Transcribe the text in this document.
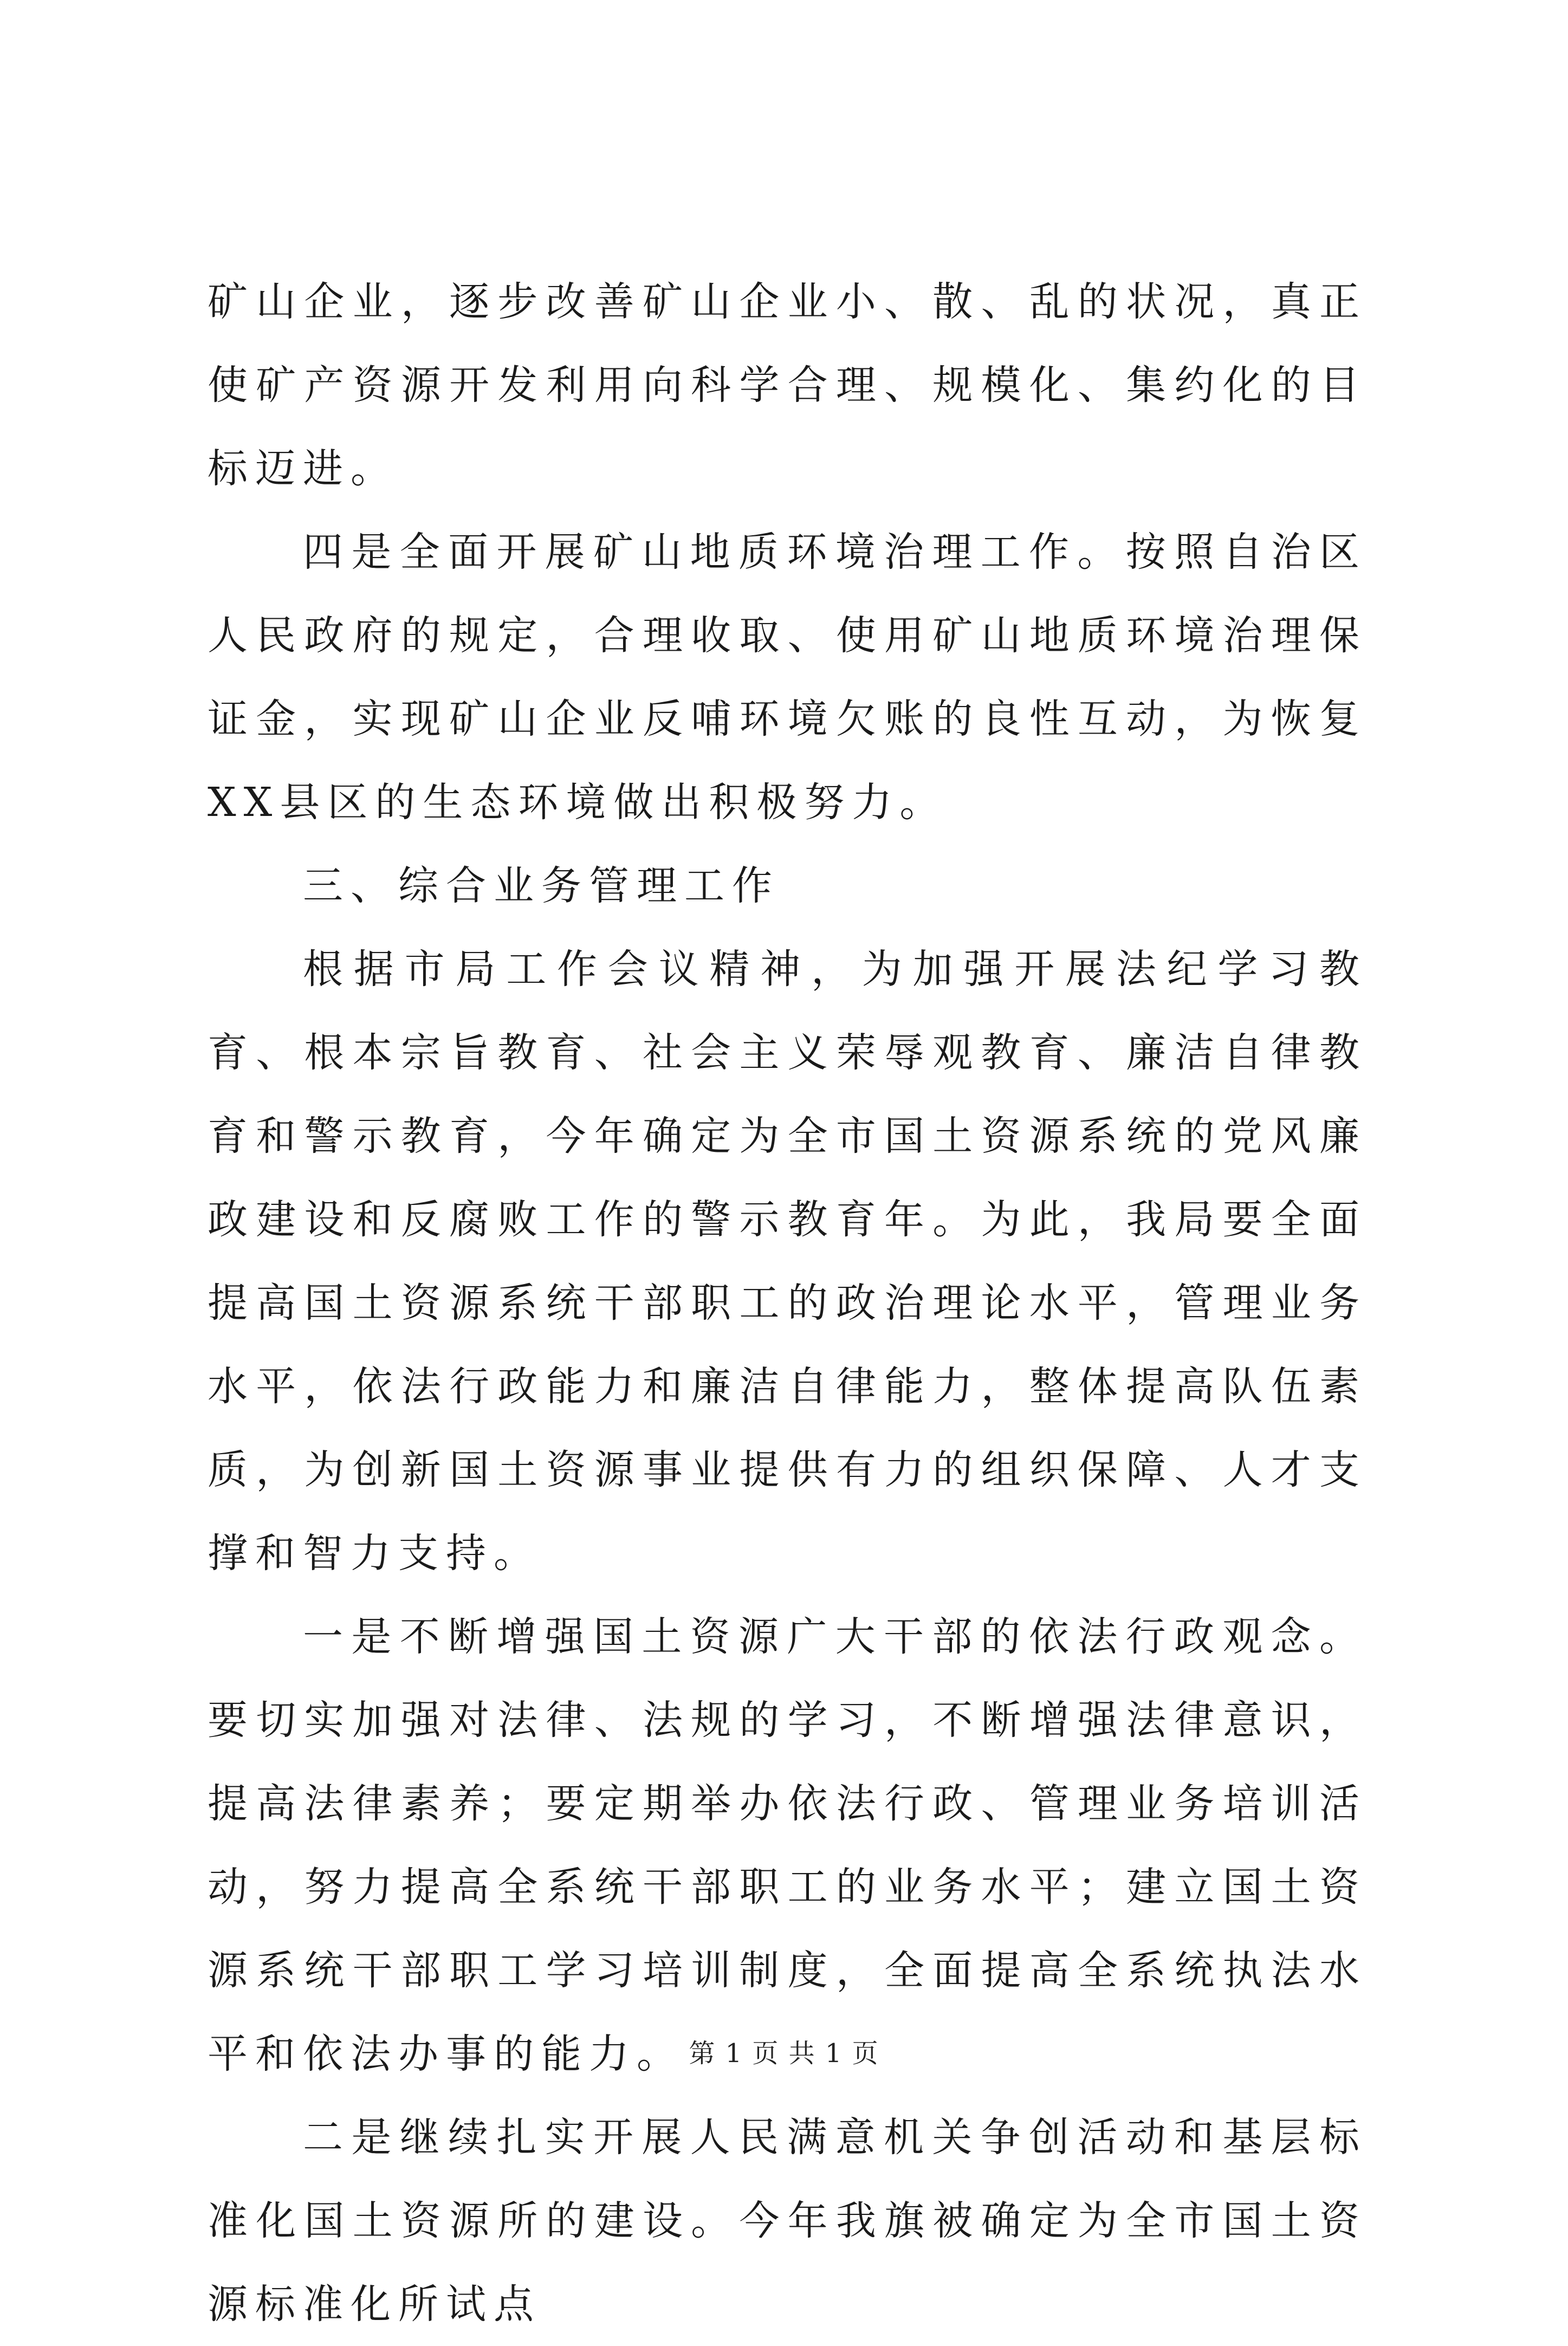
矿山企业，逐步改善矿山企业小、散、乱的状况，真正使矿产资源开发利用向科学合理、规模化、集约化的目标迈进。

四是全面开展矿山地质环境治理工作。按照自治区人民政府的规定，合理收取、使用矿山地质环境治理保证金，实现矿山企业反哺环境欠账的良性互动，为恢复XX县区的生态环境做出积极努力。

三、综合业务管理工作

根据市局工作会议精神，为加强开展法纪学习教育、根本宗旨教育、社会主义荣辱观教育、廉洁自律教育和警示教育，今年确定为全市国土资源系统的党风廉政建设和反腐败工作的警示教育年。为此，我局要全面提高国土资源系统干部职工的政治理论水平，管理业务水平，依法行政能力和廉洁自律能力，整体提高队伍素质，为创新国土资源事业提供有力的组织保障、人才支撑和智力支持。

一是不断增强国土资源广大干部的依法行政观念。要切实加强对法律、法规的学习，不断增强法律意识，提高法律素养；要定期举办依法行政、管理业务培训活动，努力提高全系统干部职工的业务水平；建立国土资源系统干部职工学习培训制度，全面提高全系统执法水平和依法办事的能力。

二是继续扎实开展人民满意机关争创活动和基层标准化国土资源所的建设。今年我旗被确定为全市国土资源标准化所试点

第 1 页 共 1 页
